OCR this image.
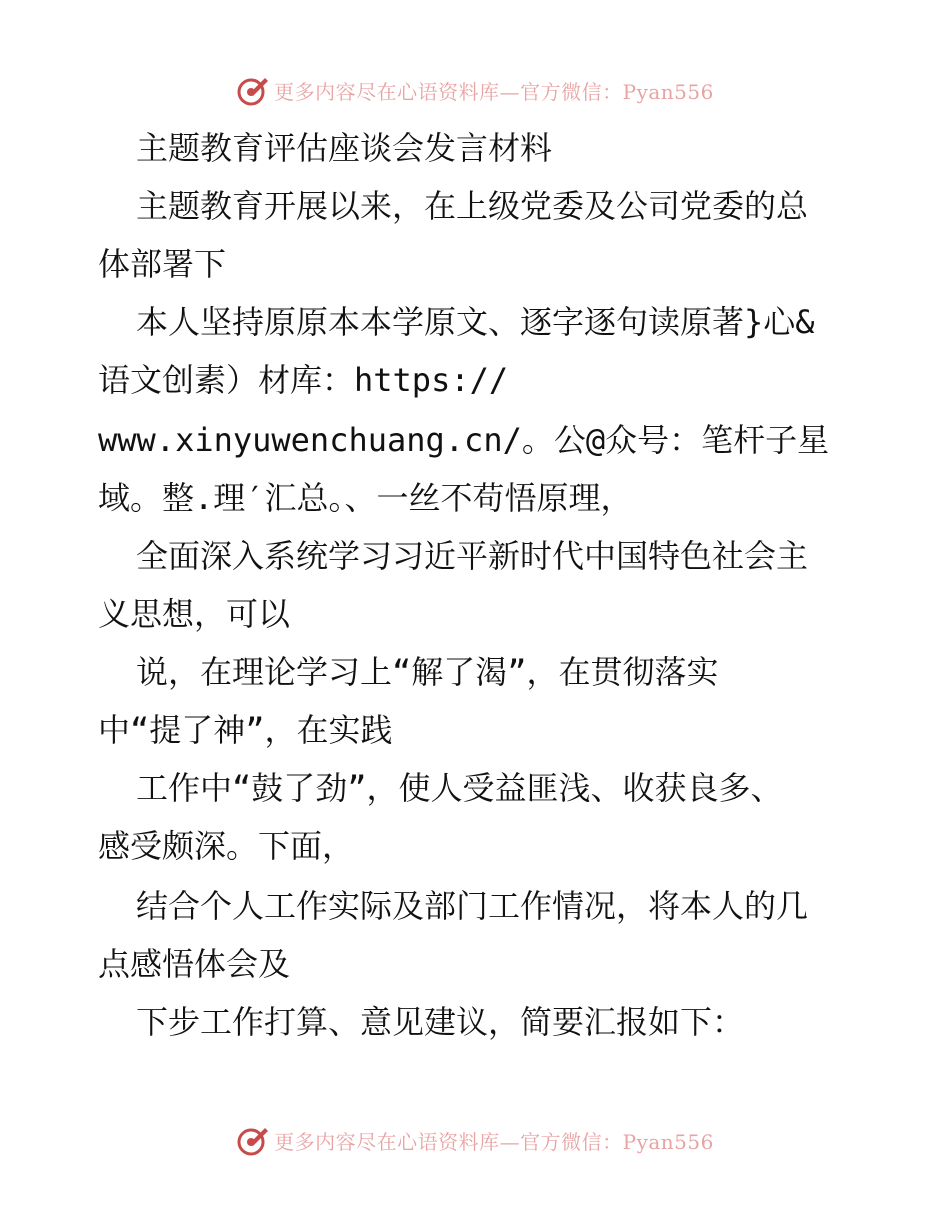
更多内容尽在心语资料库—官方微信：Pyan556

主题教育评估座谈会发言材料

主题教育开展以来，在上级党委及公司党委的总

体部署下

本人坚持原原本本学原文、逐字逐句读原著}心&

语文创素）材库：https://

www.xinyuwenchuang.cn/。公@众号：笔杆子星

域。整.理′汇总。、一丝不苟悟原理，

全面深入系统学习习近平新时代中国特色社会主

义思想，可以

说，在理论学习上“解了渴”，在贯彻落实

中“提了神”，在实践

工作中“鼓了劲”，使人受益匪浅、收获良多、

感受颇深。下面，

结合个人工作实际及部门工作情况，将本人的几

点感悟体会及

下步工作打算、意见建议，简要汇报如下：

更多内容尽在心语资料库—官方微信：Pyan556
